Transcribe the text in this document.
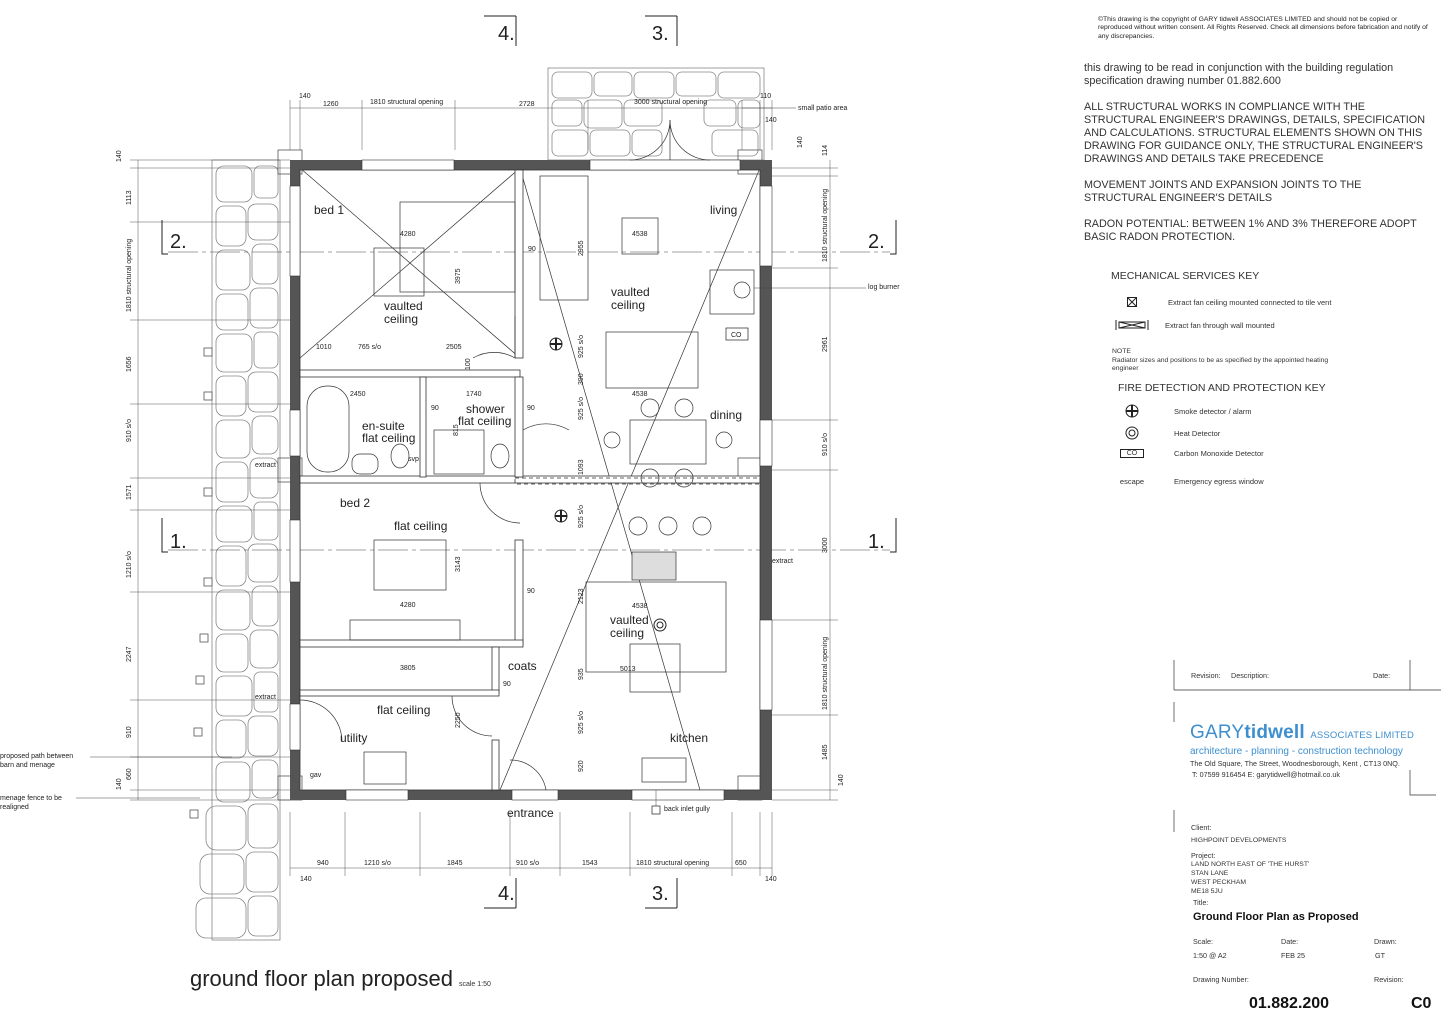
1.	1.
2.	2.
3.
3.
4.
4.
bed 1	living
vaulted
ceiling
vaulted
ceiling
en-suite
flat ceiling
shower
flat ceiling	dining
bed 2
flat ceiling
vaulted
ceiling
coats
flat ceiling
utility	kitchen
entrance
small patio area
log burner
CO
extract
extract
extract
svp
gav
proposed path between
barn and menage
menage fence to be
realigned	back inlet gully
140
1260	1810 structural opening	2728	3000 structural opening
110
140
940	1210 s/o	1845	910 s/o	1543	1810 structural opening	650
140	140
140
1113
1810 structural opening
1656
910 s/o
1571
1210 s/o
2247
910
660
140
114
140
1810 structural opening
2961
910 s/o
3000
1810 structural opening
1485
140
4280
90	2955
4538
3975
1010	765 s/o	2505	925 s/o
390
4538
2450	1740
90	90	925 s/o
1093
3143
925 s/o
4280
90	2123
4538
3805	5013
90
935
2250	925 s/o
920
100
815
©This drawing is the copyright of GARY tidwell ASSOCIATES LIMITED and should not be copied or reproduced without written consent. All Rights Reserved. Check all dimensions before fabrication and notify of any discrepancies.

this drawing to be read in conjunction with the building regulation specification drawing number 01.882.600

ALL STRUCTURAL WORKS IN COMPLIANCE WITH THE STRUCTURAL ENGINEER'S DRAWINGS, DETAILS, SPECIFICATION AND CALCULATIONS. STRUCTURAL ELEMENTS SHOWN ON THIS DRAWING FOR GUIDANCE ONLY, THE STRUCTURAL ENGINEER'S DRAWINGS AND DETAILS TAKE PRECEDENCE

MOVEMENT JOINTS AND EXPANSION JOINTS TO THE STRUCTURAL ENGINEER'S DETAILS

RADON POTENTIAL: BETWEEN 1% AND 3% THEREFORE ADOPT BASIC RADON PROTECTION.

MECHANICAL SERVICES KEY
Extract fan ceiling mounted connected to tile vent
Extract fan through wall mounted
NOTE
Radiator sizes and positions to be as specified by the appointed heating engineer
FIRE DETECTION AND PROTECTION KEY
Smoke detector / alarm
Heat Detector
CO	Carbon Monoxide Detector
escape	Emergency egress window
Revision: Description:	Date:
GARYtidwell ASSOCIATES LIMITED
architecture - planning - construction technology
The Old Square, The Street, Woodnesborough, Kent , CT13 0NQ.
T: 07599 916454 E: garytidwell@hotmail.co.uk
Client:
HIGHPOINT DEVELOPMENTS
Project:
LAND NORTH EAST OF 'THE HURST'
STAN LANE
WEST PECKHAM
ME18 5JU
Title:
Ground Floor Plan as Proposed
Scale:	Date:	Drawn:
1:50 @ A2	FEB 25	GT
Drawing Number:	Revision:
01.882.200	C0
ground floor plan proposed scale 1:50
